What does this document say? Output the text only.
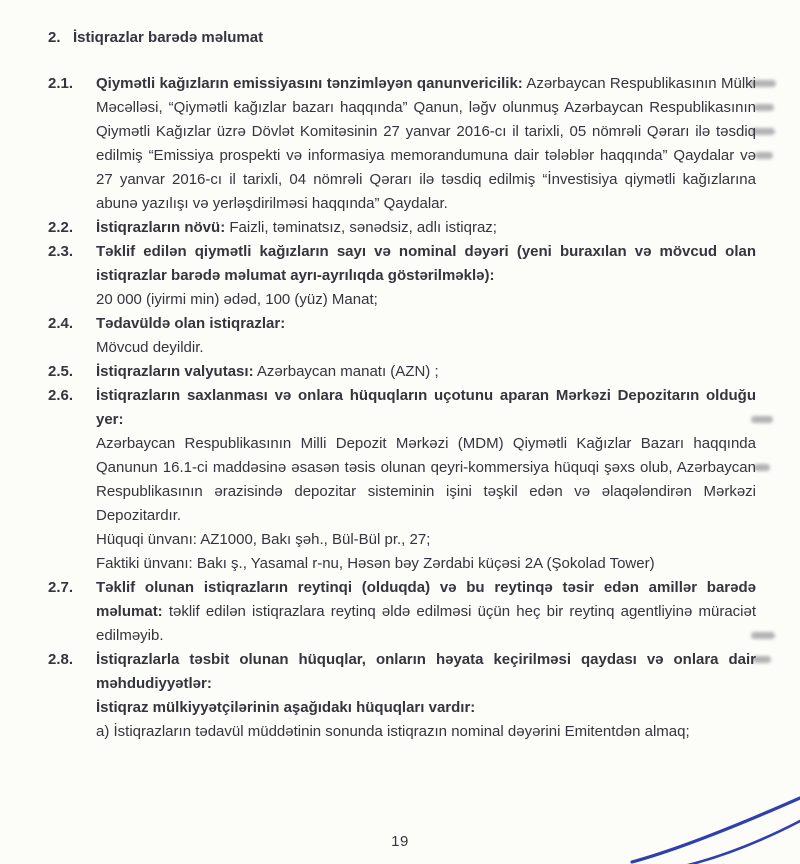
2. İstiqrazlar barədə məlumat
2.1.	Qiymətli kağızların emissiyasını tənzimləyən qanunvericilik: Azərbaycan Respublikasının Mülki Məcəlləsi, “Qiymətli kağızlar bazarı haqqında” Qanun, ləğv olunmuş Azərbaycan Respublikasının Qiymətli Kağızlar üzrə Dövlət Komitəsinin 27 yanvar 2016-cı il tarixli, 05 nömrəli Qərarı ilə təsdiq edilmiş “Emissiya prospekti və informasiya memorandumuna dair tələblər haqqında” Qaydalar və 27 yanvar 2016-cı il tarixli, 04 nömrəli Qərarı ilə təsdiq edilmiş “İnvestisiya qiymətli kağızlarına abunə yazılışı və yerləşdirilməsi haqqında” Qaydalar.

2.2.	İstiqrazların növü: Faizli, təminatsız, sənədsiz, adlı istiqraz;

2.3.	Təklif edilən qiymətli kağızların sayı və nominal dəyəri (yeni buraxılan və mövcud olan istiqrazlar barədə məlumat ayrı-ayrılıqda göstərilməklə):

20 000 (iyirmi min) ədəd, 100 (yüz) Manat;

2.4.	Tədavüldə olan istiqrazlar:

Mövcud deyildir.

2.5.	İstiqrazların valyutası: Azərbaycan manatı (AZN) ;

2.6.	İstiqrazların saxlanması və onlara hüquqların uçotunu aparan Mərkəzi Depozitarın olduğu yer:

Azərbaycan Respublikasının Milli Depozit Mərkəzi (MDM) Qiymətli Kağızlar Bazarı haqqında Qanunun 16.1-ci maddəsinə əsasən təsis olunan qeyri-kommersiya hüquqi şəxs olub, Azərbaycan Respublikasının ərazisində depozitar sisteminin işini təşkil edən və əlaqələndirən Mərkəzi Depozitardır.

Hüquqi ünvanı: AZ1000, Bakı şəh., Bül-Bül pr., 27;

Faktiki ünvanı: Bakı ş., Yasamal r-nu, Həsən bəy Zərdabi küçəsi 2A (Şokolad Tower)

2.7.	Təklif olunan istiqrazların reytinqi (olduqda) və bu reytinqə təsir edən amillər barədə məlumat: təklif edilən istiqrazlara reytinq əldə edilməsi üçün heç bir reytinq agentliyinə müraciət edilməyib.

2.8.	İstiqrazlarla təsbit olunan hüquqlar, onların həyata keçirilməsi qaydası və onlara dair məhdudiyyətlər:

İstiqraz mülkiyyətçilərinin aşağıdakı hüquqları vardır:

a) İstiqrazların tədavül müddətinin sonunda istiqrazın nominal dəyərini Emitentdən almaq;

19
